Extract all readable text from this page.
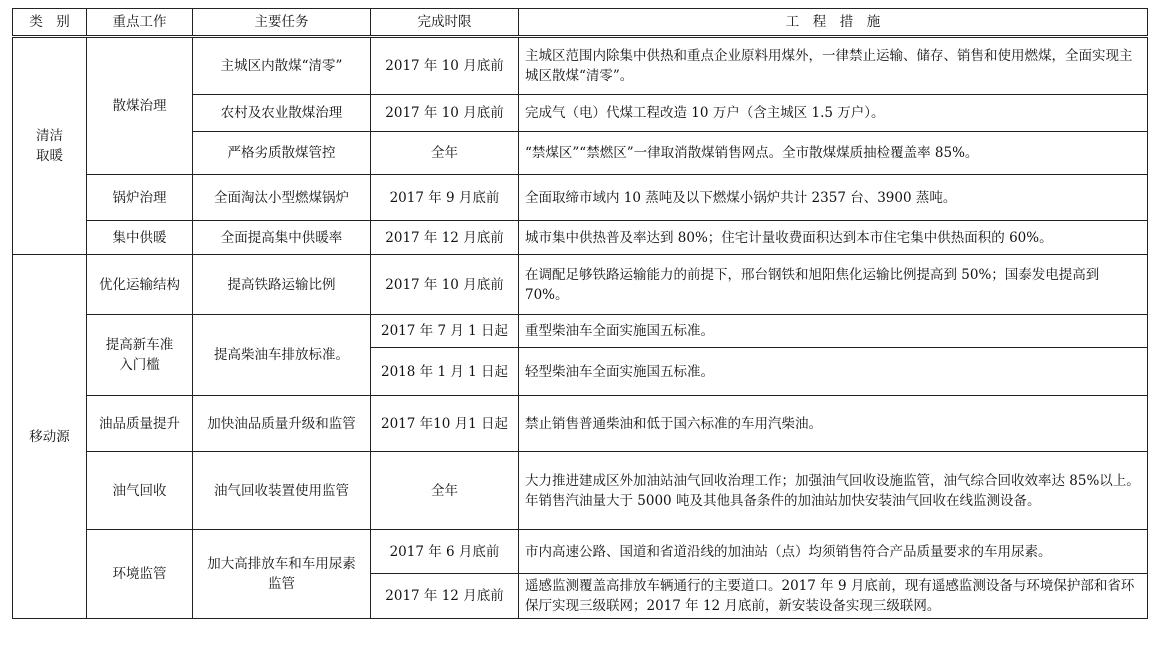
类　别	重点工作	主要任务	完成时限	工　程　措　施
清洁取暖	散煤治理	主城区内散煤“清零”	2017 年 10 月底前	主城区范围内除集中供热和重点企业原料用煤外，一律禁止运输、储存、销售和使用燃煤，全面实现主城区散煤“清零”。
		农村及农业散煤治理	2017 年 10 月底前	完成气（电）代煤工程改造 10 万户（含主城区 1.5 万户）。
		严格劣质散煤管控	全年	“禁煤区”“禁燃区”一律取消散煤销售网点。全市散煤煤质抽检覆盖率 85%。
	锅炉治理	全面淘汰小型燃煤锅炉	2017 年 9 月底前	全面取缔市域内 10 蒸吨及以下燃煤小锅炉共计 2357 台、3900 蒸吨。
	集中供暖	全面提高集中供暖率	2017 年 12 月底前	城市集中供热普及率达到 80%；住宅计量收费面积达到本市住宅集中供热面积的 60%。
移动源	优化运输结构	提高铁路运输比例	2017 年 10 月底前	在调配足够铁路运输能力的前提下，邢台钢铁和旭阳焦化运输比例提高到 50%；国泰发电提高到 70%。
	提高新车准入门槛	提高柴油车排放标准。	2017 年 7 月 1 日起	重型柴油车全面实施国五标准。
			2018 年 1 月 1 日起	轻型柴油车全面实施国五标准。
	油品质量提升	加快油品质量升级和监管	2017 年10 月1 日起	禁止销售普通柴油和低于国六标准的车用汽柴油。
	油气回收	油气回收装置使用监管	全年	大力推进建成区外加油站油气回收治理工作；加强油气回收设施监管，油气综合回收效率达 85%以上。年销售汽油量大于 5000 吨及其他具备条件的加油站加快安装油气回收在线监测设备。
	环境监管	加大高排放车和车用尿素监管	2017 年 6 月底前	市内高速公路、国道和省道沿线的加油站（点）均须销售符合产品质量要求的车用尿素。
			2017 年 12 月底前	遥感监测覆盖高排放车辆通行的主要道口。2017 年 9 月底前，现有遥感监测设备与环境保护部和省环保厅实现三级联网；2017 年 12 月底前，新安装设备实现三级联网。
